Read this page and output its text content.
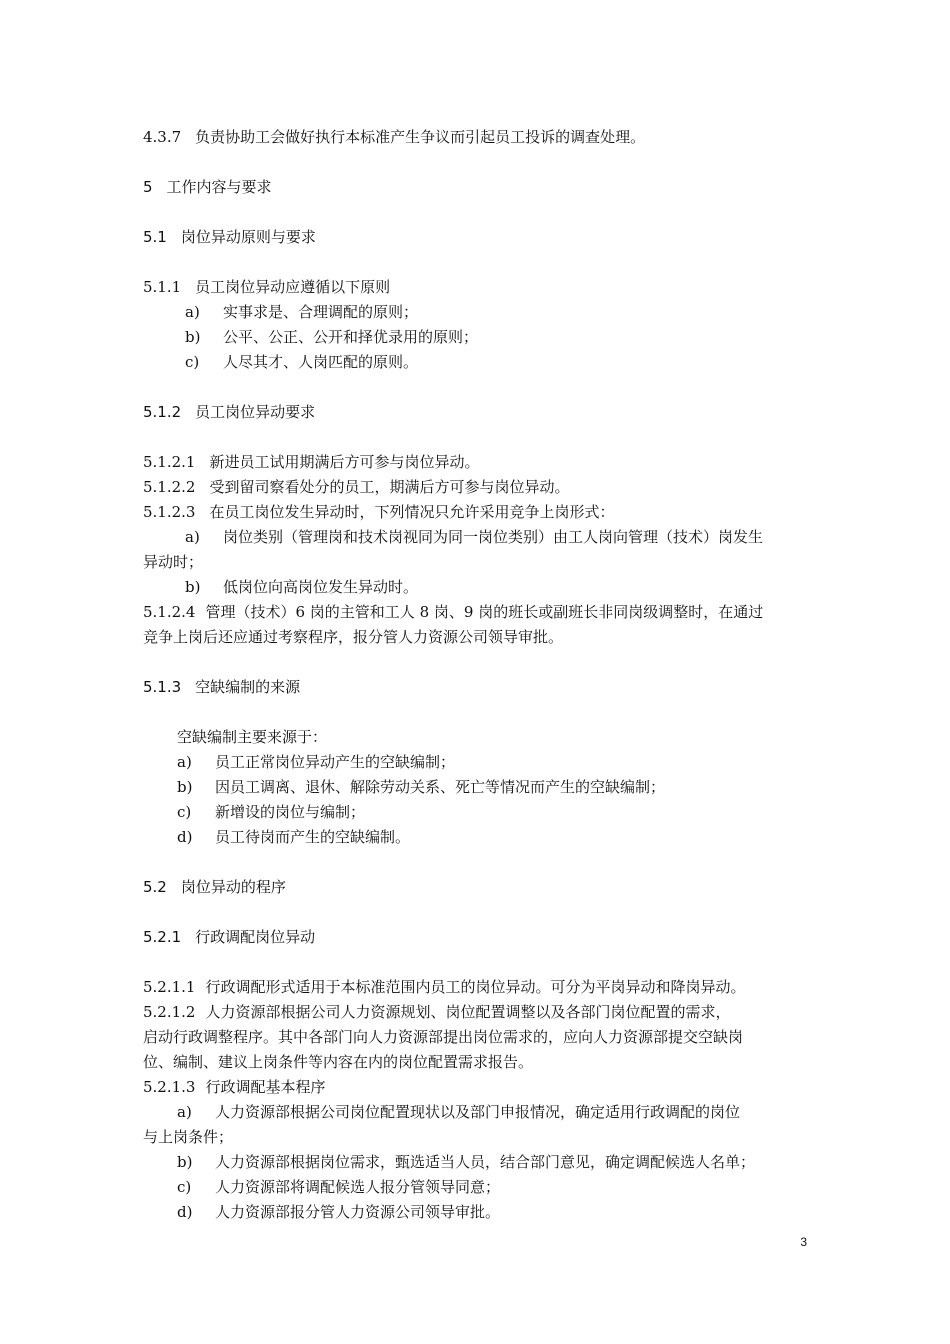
4.3.7 负责协助工会做好执行本标准产生争议而引起员工投诉的调查处理。
5 工作内容与要求
5.1 岗位异动原则与要求
5.1.1 员工岗位异动应遵循以下原则
a) 实事求是、合理调配的原则；
b) 公平、公正、公开和择优录用的原则；
c) 人尽其才、人岗匹配的原则。
5.1.2 员工岗位异动要求
5.1.2.1 新进员工试用期满后方可参与岗位异动。
5.1.2.2 受到留司察看处分的员工，期满后方可参与岗位异动。
5.1.2.3 在员工岗位发生异动时，下列情况只允许采用竞争上岗形式：
a) 岗位类别（管理岗和技术岗视同为同一岗位类别）由工人岗向管理（技术）岗发生
异动时；
b) 低岗位向高岗位发生异动时。
5.1.2.4 管理（技术）6 岗的主管和工人 8 岗、9 岗的班长或副班长非同岗级调整时，在通过
竞争上岗后还应通过考察程序，报分管人力资源公司领导审批。
5.1.3 空缺编制的来源
空缺编制主要来源于：
a) 员工正常岗位异动产生的空缺编制；
b) 因员工调离、退休、解除劳动关系、死亡等情况而产生的空缺编制；
c) 新增设的岗位与编制；
d) 员工待岗而产生的空缺编制。
5.2 岗位异动的程序
5.2.1 行政调配岗位异动
5.2.1.1 行政调配形式适用于本标准范围内员工的岗位异动。可分为平岗异动和降岗异动。
5.2.1.2 人力资源部根据公司人力资源规划、岗位配置调整以及各部门岗位配置的需求，
启动行政调整程序。其中各部门向人力资源部提出岗位需求的，应向人力资源部提交空缺岗
位、编制、建议上岗条件等内容在内的岗位配置需求报告。
5.2.1.3 行政调配基本程序
a) 人力资源部根据公司岗位配置现状以及部门申报情况，确定适用行政调配的岗位
与上岗条件；
b) 人力资源部根据岗位需求，甄选适当人员，结合部门意见，确定调配候选人名单；
c) 人力资源部将调配候选人报分管领导同意；
d) 人力资源部报分管人力资源公司领导审批。
3
